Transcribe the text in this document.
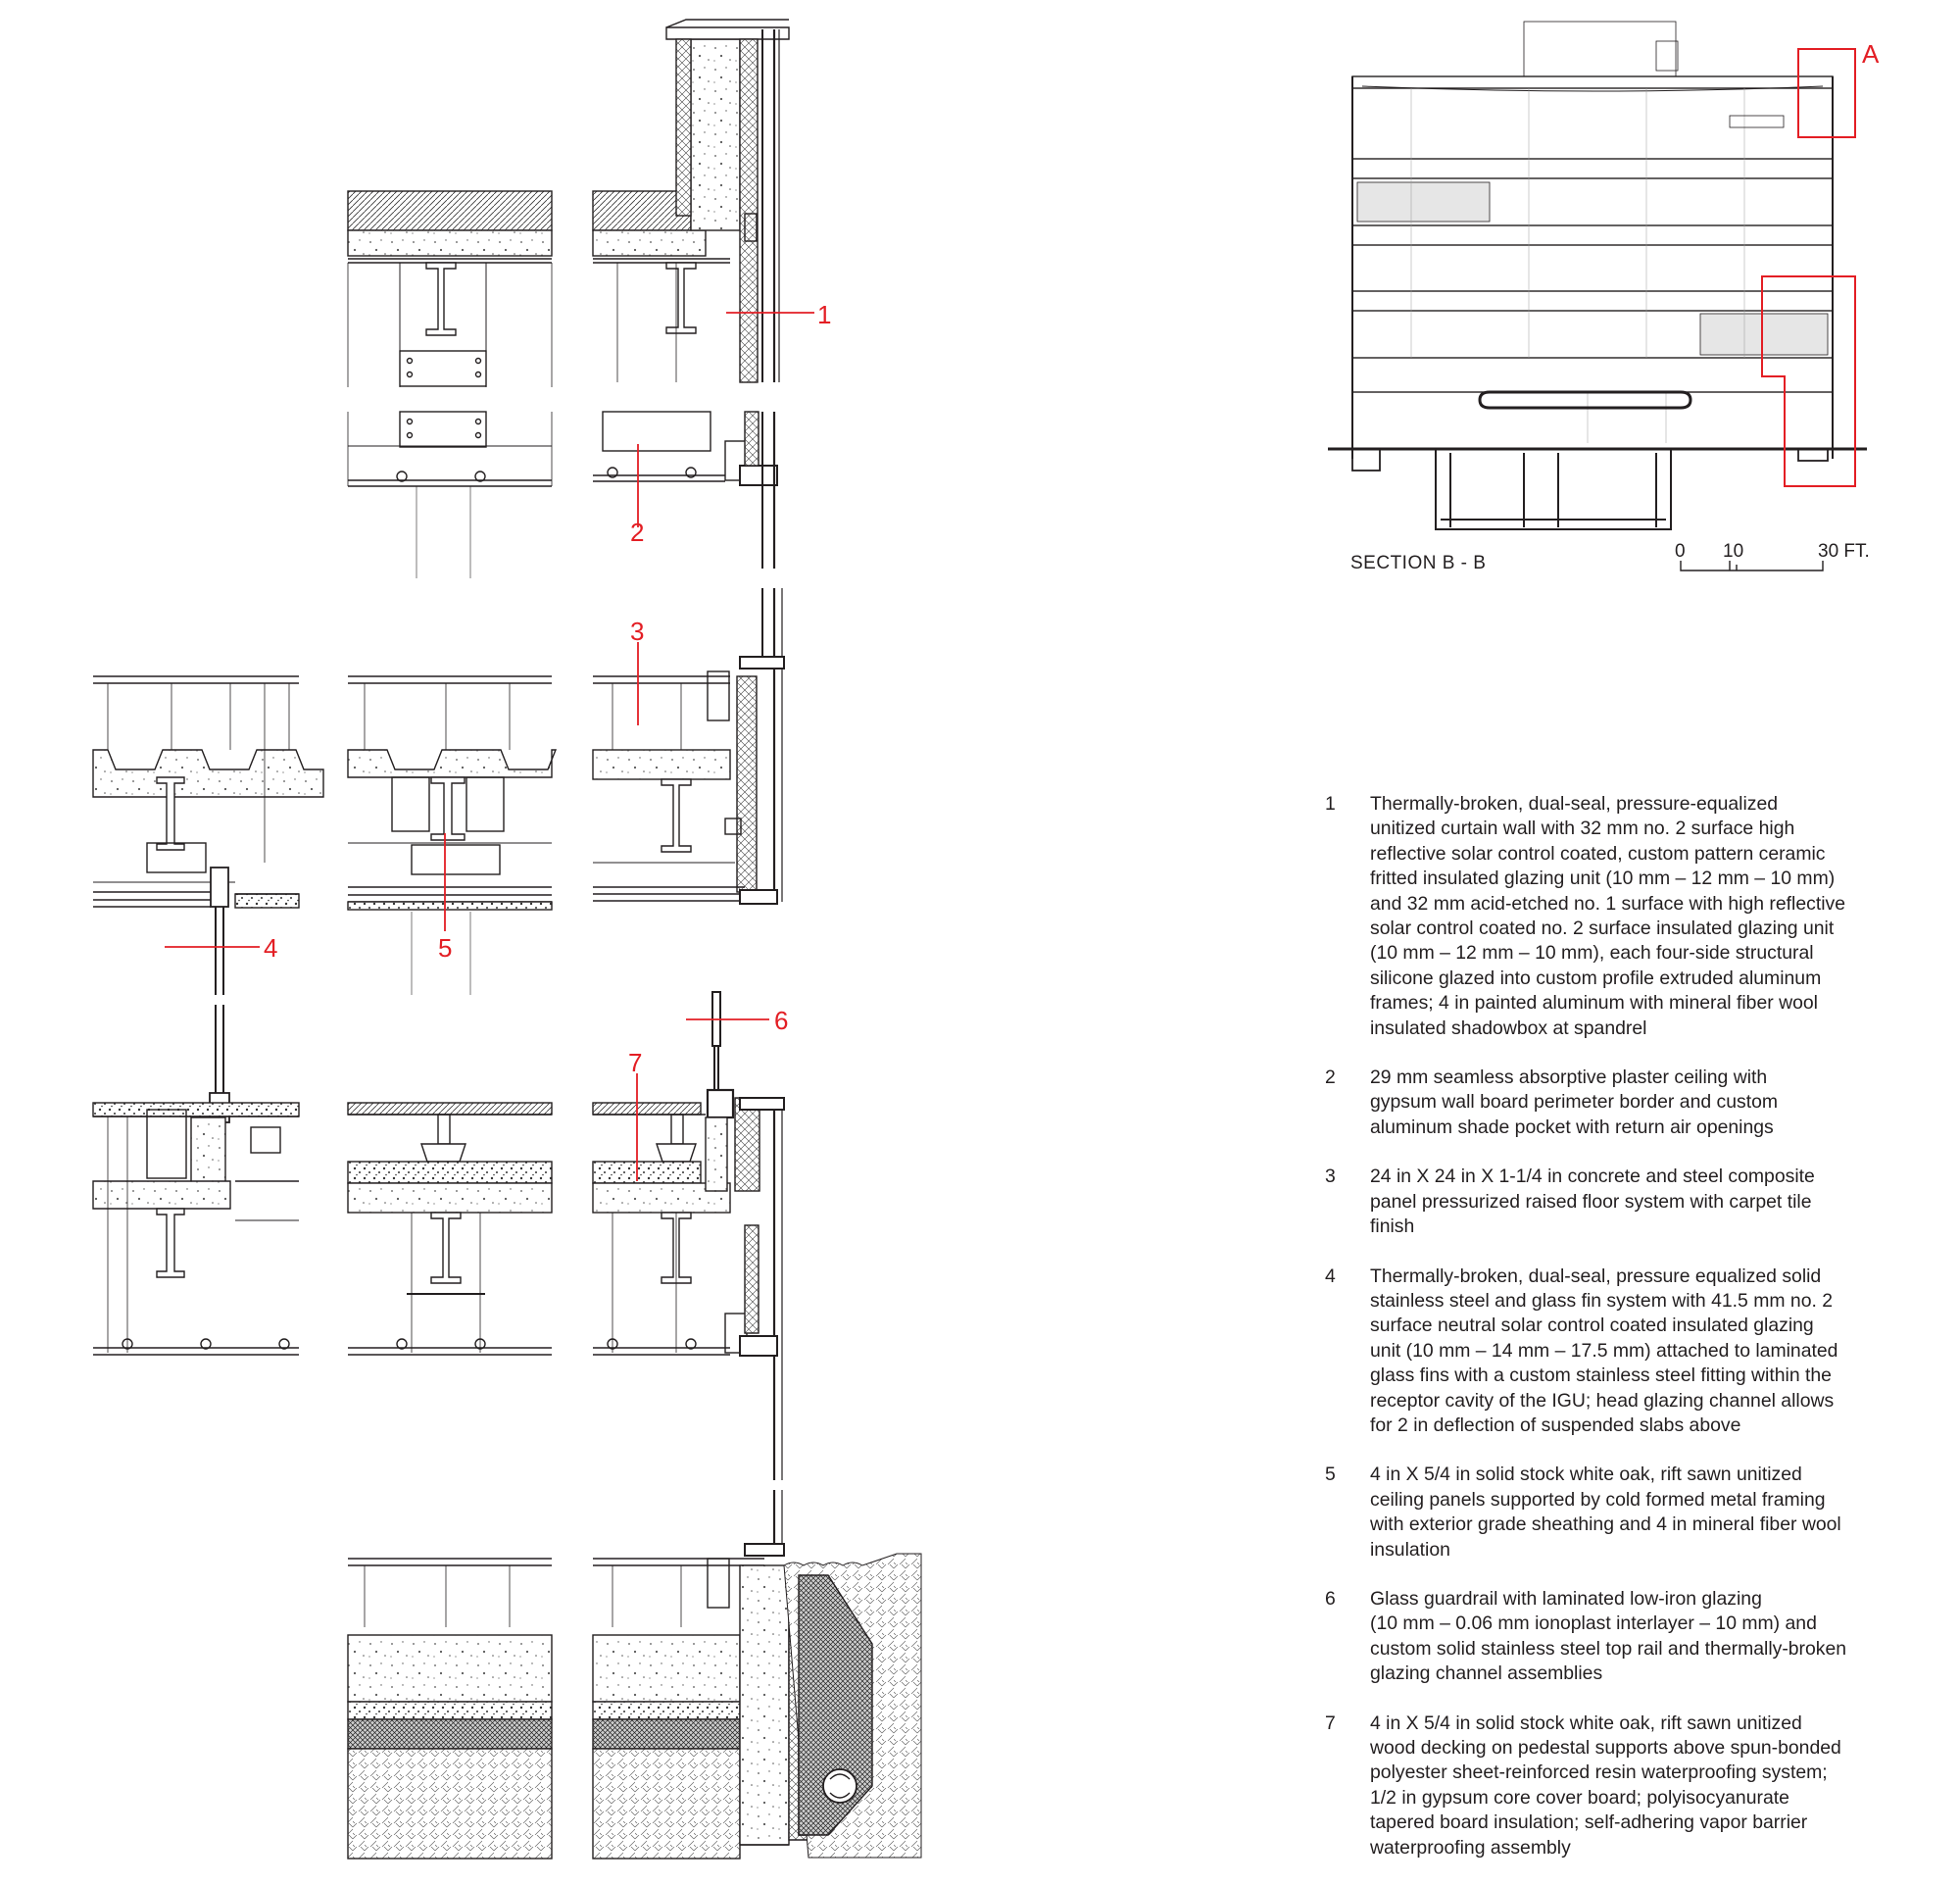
1
2
3
4	5
6
7
A
0 10	30 FT.
SECTION B - B
1 Thermally-broken, dual-seal, pressure-equalized
unitized curtain wall with 32 mm no. 2 surface high
reflective solar control coated, custom pattern ceramic
fritted insulated glazing unit (10 mm – 12 mm – 10 mm)
and 32 mm acid-etched no. 1 surface with high reflective
solar control coated no. 2 surface insulated glazing unit
(10 mm – 12 mm – 10 mm), each four-side structural
silicone glazed into custom profile extruded aluminum
frames; 4 in painted aluminum with mineral fiber wool
insulated shadowbox at spandrel
2 29 mm seamless absorptive plaster ceiling with
gypsum wall board perimeter border and custom
aluminum shade pocket with return air openings
3 24 in X 24 in X 1-1/4 in concrete and steel composite
panel pressurized raised floor system with carpet tile
finish
4 Thermally-broken, dual-seal, pressure equalized solid
stainless steel and glass fin system with 41.5 mm no. 2
surface neutral solar control coated insulated glazing
unit (10 mm – 14 mm – 17.5 mm) attached to laminated
glass fins with a custom stainless steel fitting within the
receptor cavity of the IGU; head glazing channel allows
for 2 in deflection of suspended slabs above
5 4 in X 5/4 in solid stock white oak, rift sawn unitized
ceiling panels supported by cold formed metal framing
with exterior grade sheathing and 4 in mineral fiber wool
insulation
6 Glass guardrail with laminated low-iron glazing
(10 mm – 0.06 mm ionoplast interlayer – 10 mm) and
custom solid stainless steel top rail and thermally-broken
glazing channel assemblies
7 4 in X 5/4 in solid stock white oak, rift sawn unitized
wood decking on pedestal supports above spun-bonded
polyester sheet-reinforced resin waterproofing system;
1/2 in gypsum core cover board; polyisocyanurate
tapered board insulation; self-adhering vapor barrier
waterproofing assembly
